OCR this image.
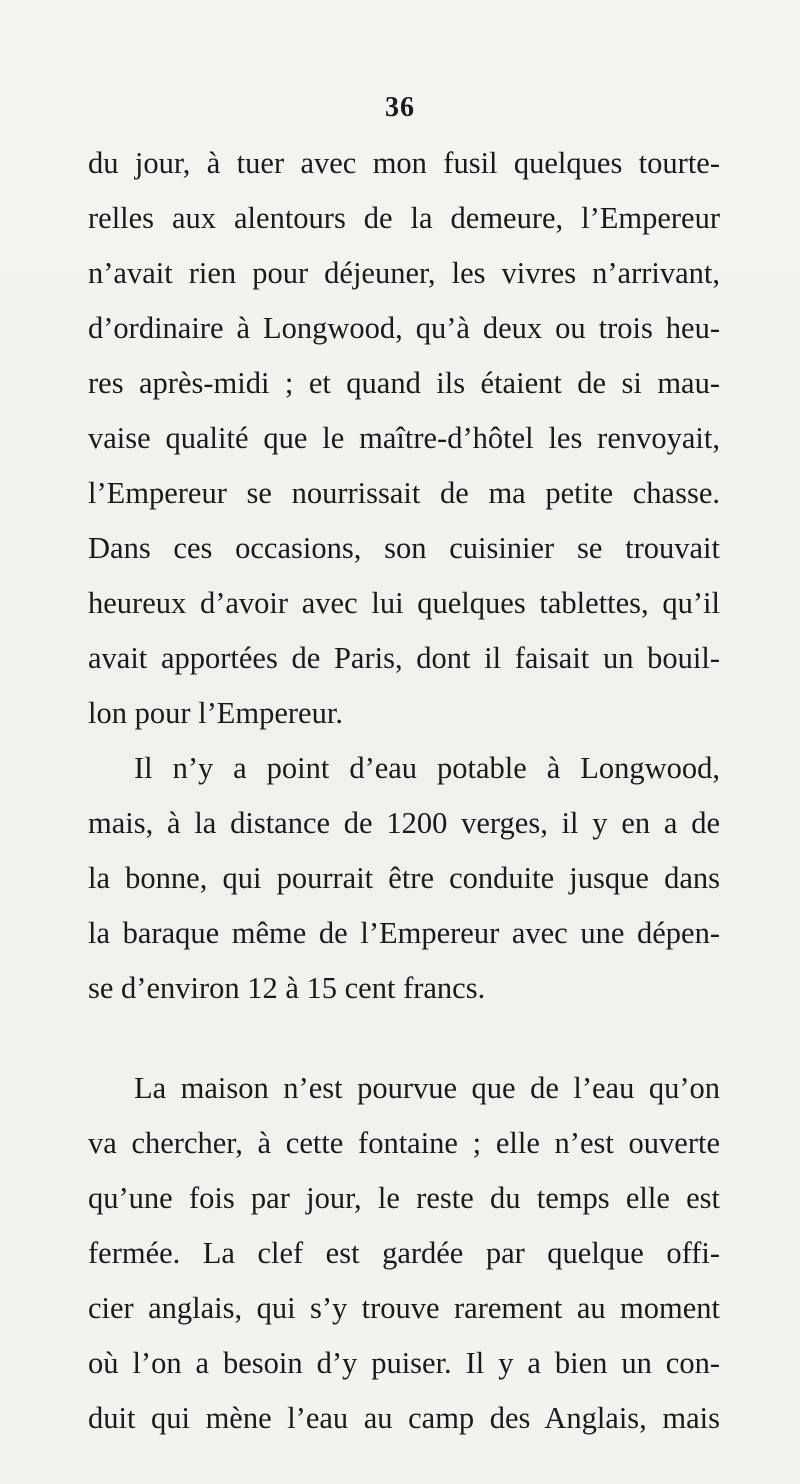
36
du jour, à tuer avec mon fusil quelques tourte-
relles aux alentours de la demeure, l’Empereur
n’avait rien pour déjeuner, les vivres n’arrivant,
d’ordinaire à Longwood, qu’à deux ou trois heu-
res après-midi ; et quand ils étaient de si mau-
vaise qualité que le maître-d’hôtel les renvoyait,
l’Empereur se nourrissait de ma petite chasse.
Dans ces occasions, son cuisinier se trouvait
heureux d’avoir avec lui quelques tablettes, qu’il
avait apportées de Paris, dont il faisait un bouil-
lon pour l’Empereur.
Il n’y a point d’eau potable à Longwood,
mais, à la distance de 1200 verges, il y en a de
la bonne, qui pourrait être conduite jusque dans
la baraque même de l’Empereur avec une dépen-
se d’environ 12 à 15 cent francs.
La maison n’est pourvue que de l’eau qu’on
va chercher, à cette fontaine ; elle n’est ouverte
qu’une fois par jour, le reste du temps elle est
fermée. La clef est gardée par quelque offi-
cier anglais, qui s’y trouve rarement au moment
où l’on a besoin d’y puiser. Il y a bien un con-
duit qui mène l’eau au camp des Anglais, mais
